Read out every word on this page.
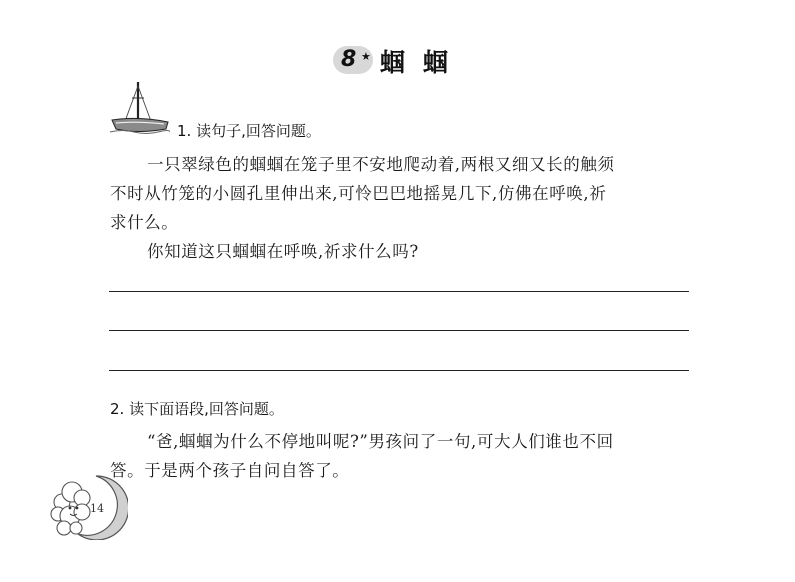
8 ★ 蝈蝈
1. 读句子,回答问题。
一只翠绿色的蝈蝈在笼子里不安地爬动着,两根又细又长的触须
不时从竹笼的小圆孔里伸出来,可怜巴巴地摇晃几下,仿佛在呼唤,祈
求什么。
你知道这只蝈蝈在呼唤,祈求什么吗?
2. 读下面语段,回答问题。
“爸,蝈蝈为什么不停地叫呢?”男孩问了一句,可大人们谁也不回
答。于是两个孩子自问自答了。
14
